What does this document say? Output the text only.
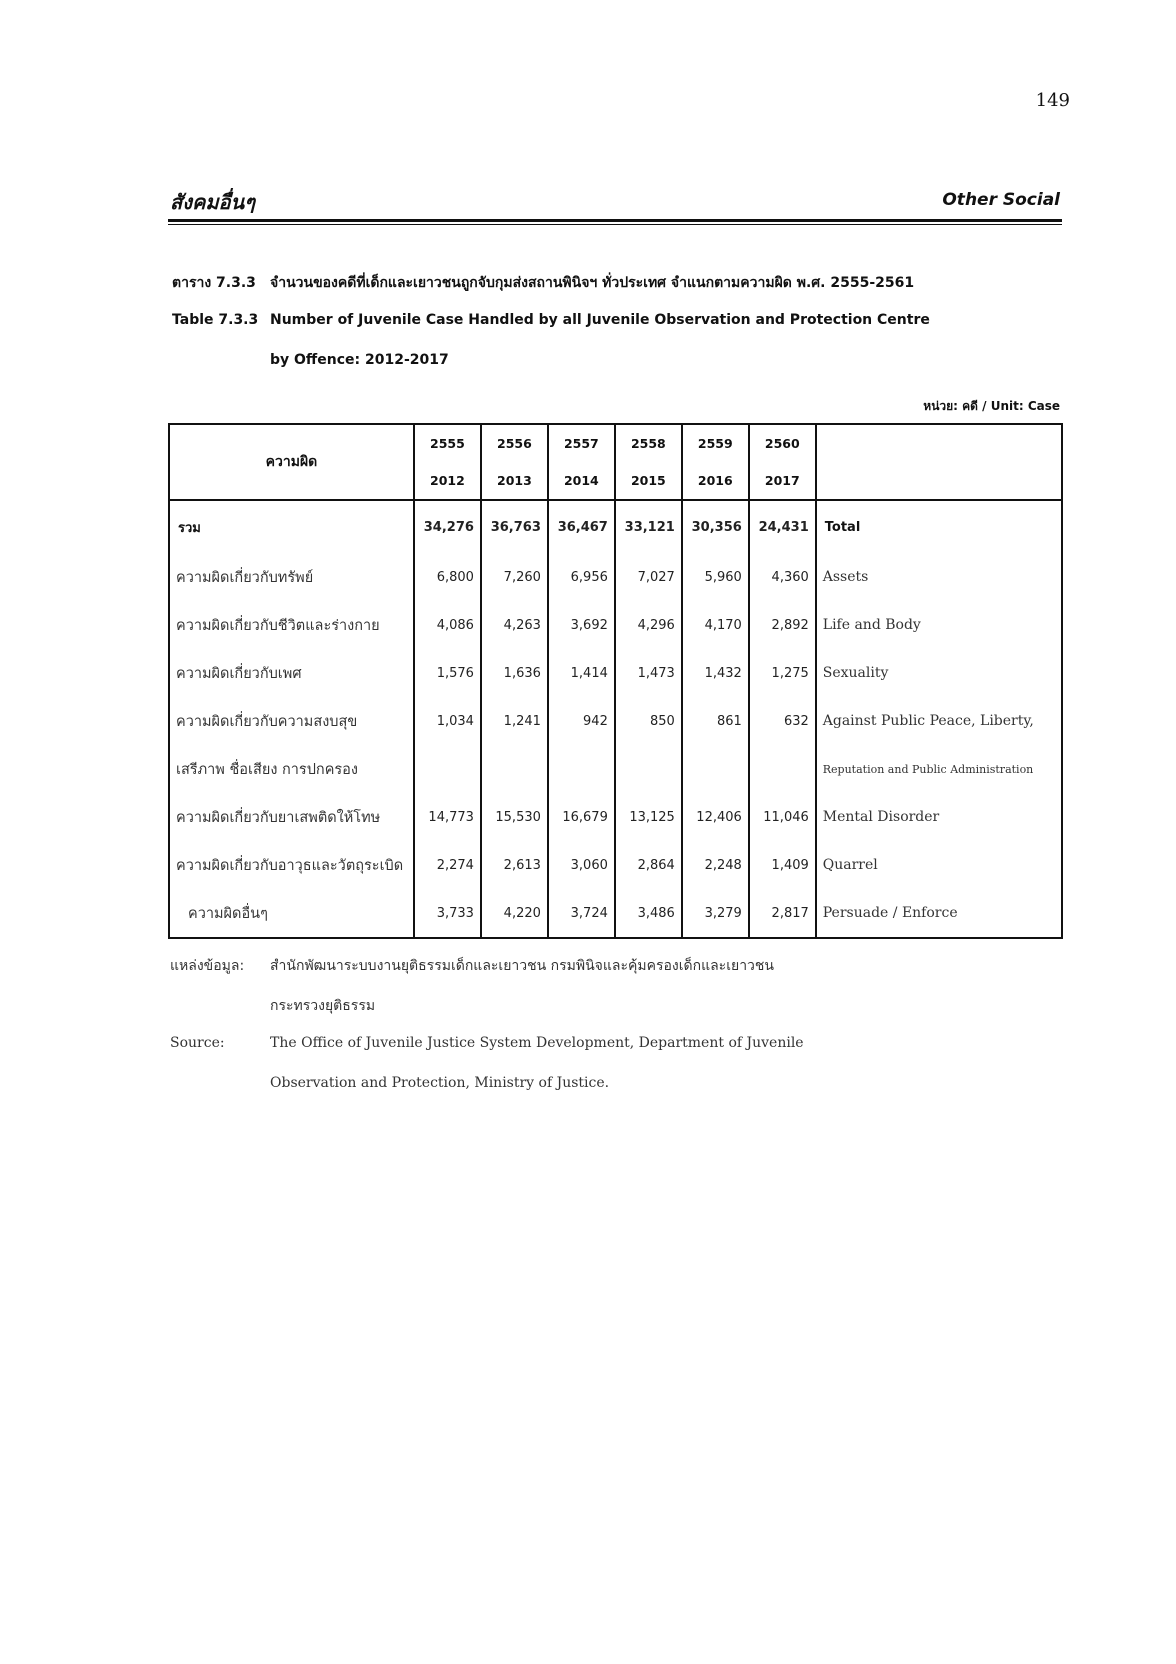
149
สังคมอื่นๆ	Other Social
ตาราง 7.3.3 จำนวนของคดีที่เด็กและเยาวชนถูกจับกุมส่งสถานพินิจฯ ทั่วประเทศ จำแนกตามความผิด พ.ศ. 2555-2561
Table 7.3.3 Number of Juvenile Case Handled by all Juvenile Observation and Protection Centre
by Offence: 2012-2017
หน่วย: คดี / Unit: Case
ความผิด	2555	2556	2557	2558	2559	2560	
	2012	2013	2014	2015	2016	2017	
รวม	34,276	36,763	36,467	33,121	30,356	24,431	Total
ความผิดเกี่ยวกับทรัพย์	6,800	7,260	6,956	7,027	5,960	4,360	Assets
ความผิดเกี่ยวกับชีวิตและร่างกาย	4,086	4,263	3,692	4,296	4,170	2,892	Life and Body
ความผิดเกี่ยวกับเพศ	1,576	1,636	1,414	1,473	1,432	1,275	Sexuality
ความผิดเกี่ยวกับความสงบสุข	1,034	1,241	942	850	861	632	Against Public Peace, Liberty,
เสรีภาพ ชื่อเสียง การปกครอง							Reputation and Public Administration
ความผิดเกี่ยวกับยาเสพติดให้โทษ	14,773	15,530	16,679	13,125	12,406	11,046	Mental Disorder
ความผิดเกี่ยวกับอาวุธและวัตถุระเบิด	2,274	2,613	3,060	2,864	2,248	1,409	Quarrel
ความผิดอื่นๆ	3,733	4,220	3,724	3,486	3,279	2,817	Persuade / Enforce
แหล่งข้อมูล: สำนักพัฒนาระบบงานยุติธรรมเด็กและเยาวชน กรมพินิจและคุ้มครองเด็กและเยาวชน
กระทรวงยุติธรรม
Source:	The Office of Juvenile Justice System Development, Department of Juvenile
Observation and Protection, Ministry of Justice.
